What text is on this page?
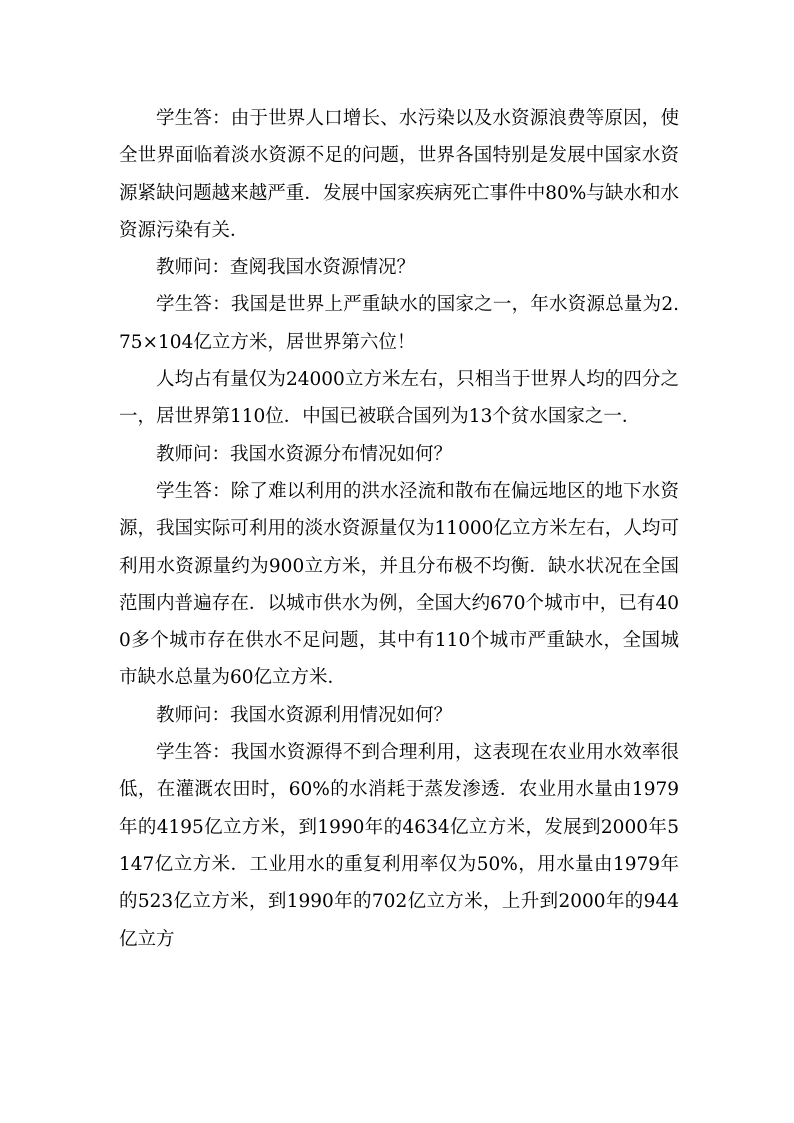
学生答：由于世界人口增长、水污染以及水资源浪费等原因，使全世界面临着淡水资源不足的问题，世界各国特别是发展中国家水资源紧缺问题越来越严重．发展中国家疾病死亡事件中80%与缺水和水资源污染有关．

教师问：查阅我国水资源情况？

学生答：我国是世界上严重缺水的国家之一，年水资源总量为2.75×104亿立方米，居世界第六位！

人均占有量仅为24000立方米左右，只相当于世界人均的四分之一，居世界第110位．中国已被联合国列为13个贫水国家之一．

教师问：我国水资源分布情况如何？

学生答：除了难以利用的洪水泾流和散布在偏远地区的地下水资源，我国实际可利用的淡水资源量仅为11000亿立方米左右，人均可利用水资源量约为900立方米，并且分布极不均衡．缺水状况在全国范围内普遍存在．以城市供水为例，全国大约670个城市中，已有400多个城市存在供水不足问题，其中有110个城市严重缺水，全国城市缺水总量为60亿立方米．

教师问：我国水资源利用情况如何？

学生答：我国水资源得不到合理利用，这表现在农业用水效率很低，在灌溉农田时，60%的水消耗于蒸发渗透．农业用水量由1979年的4195亿立方米，到1990年的4634亿立方米，发展到2000年5147亿立方米．工业用水的重复利用率仅为50%，用水量由1979年的523亿立方米，到1990年的702亿立方米，上升到2000年的944亿立方
